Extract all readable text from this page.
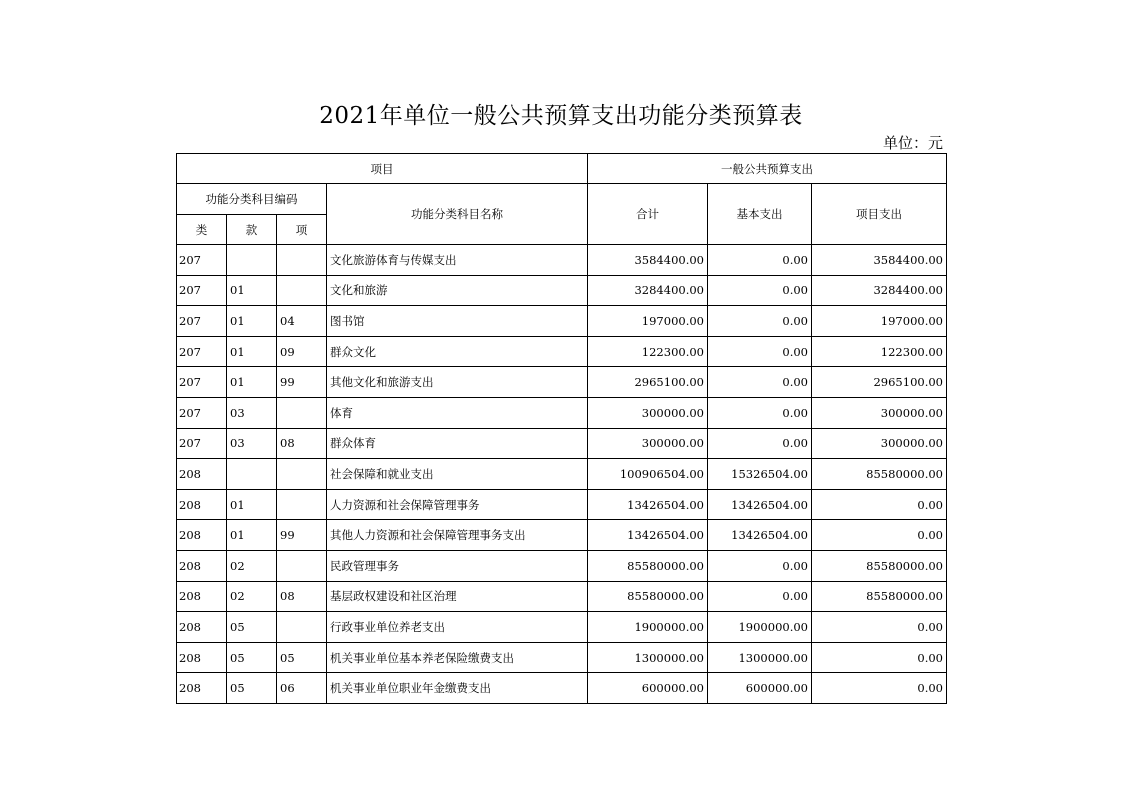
2021年单位一般公共预算支出功能分类预算表
单位：元
项目				一般公共预算支出		
功能分类科目编码			功能分类科目名称	合计	基本支出	项目支出
类	款	项				
207			文化旅游体育与传媒支出	3584400.00	0.00	3584400.00
207	01		文化和旅游	3284400.00	0.00	3284400.00
207	01	04	图书馆	197000.00	0.00	197000.00
207	01	09	群众文化	122300.00	0.00	122300.00
207	01	99	其他文化和旅游支出	2965100.00	0.00	2965100.00
207	03		体育	300000.00	0.00	300000.00
207	03	08	群众体育	300000.00	0.00	300000.00
208			社会保障和就业支出	100906504.00	15326504.00	85580000.00
208	01		人力资源和社会保障管理事务	13426504.00	13426504.00	0.00
208	01	99	其他人力资源和社会保障管理事务支出	13426504.00	13426504.00	0.00
208	02		民政管理事务	85580000.00	0.00	85580000.00
208	02	08	基层政权建设和社区治理	85580000.00	0.00	85580000.00
208	05		行政事业单位养老支出	1900000.00	1900000.00	0.00
208	05	05	机关事业单位基本养老保险缴费支出	1300000.00	1300000.00	0.00
208	05	06	机关事业单位职业年金缴费支出	600000.00	600000.00	0.00
